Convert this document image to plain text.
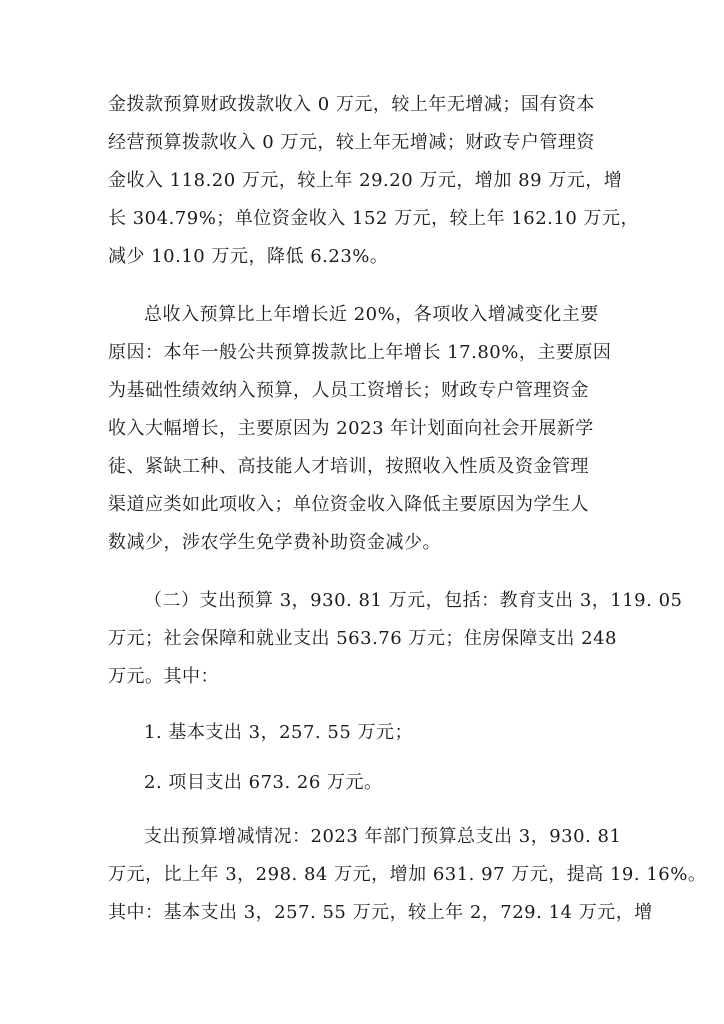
金拨款预算财政拨款收入 0 万元，较上年无增减；国有资本
经营预算拨款收入 0 万元，较上年无增减；财政专户管理资
金收入 118.20 万元，较上年 29.20 万元，增加 89 万元，增
长 304.79%；单位资金收入 152 万元，较上年 162.10 万元，
减少 10.10 万元，降低 6.23%。
总收入预算比上年增长近 20%，各项收入增减变化主要
原因：本年一般公共预算拨款比上年增长 17.80%，主要原因
为基础性绩效纳入预算，人员工资增长；财政专户管理资金
收入大幅增长，主要原因为 2023 年计划面向社会开展新学
徒、紧缺工种、高技能人才培训，按照收入性质及资金管理
渠道应类如此项收入；单位资金收入降低主要原因为学生人
数减少，涉农学生免学费补助资金减少。
（二）支出预算 3，930. 81 万元，包括：教育支出 3，119. 05
万元；社会保障和就业支出 563.76 万元；住房保障支出 248
万元。其中：
1. 基本支出 3，257. 55 万元；
2. 项目支出 673. 26 万元。
支出预算增减情况：2023 年部门预算总支出 3，930. 81
万元，比上年 3，298. 84 万元，增加 631. 97 万元，提高 19. 16%。
其中：基本支出 3，257. 55 万元，较上年 2，729. 14 万元，增
